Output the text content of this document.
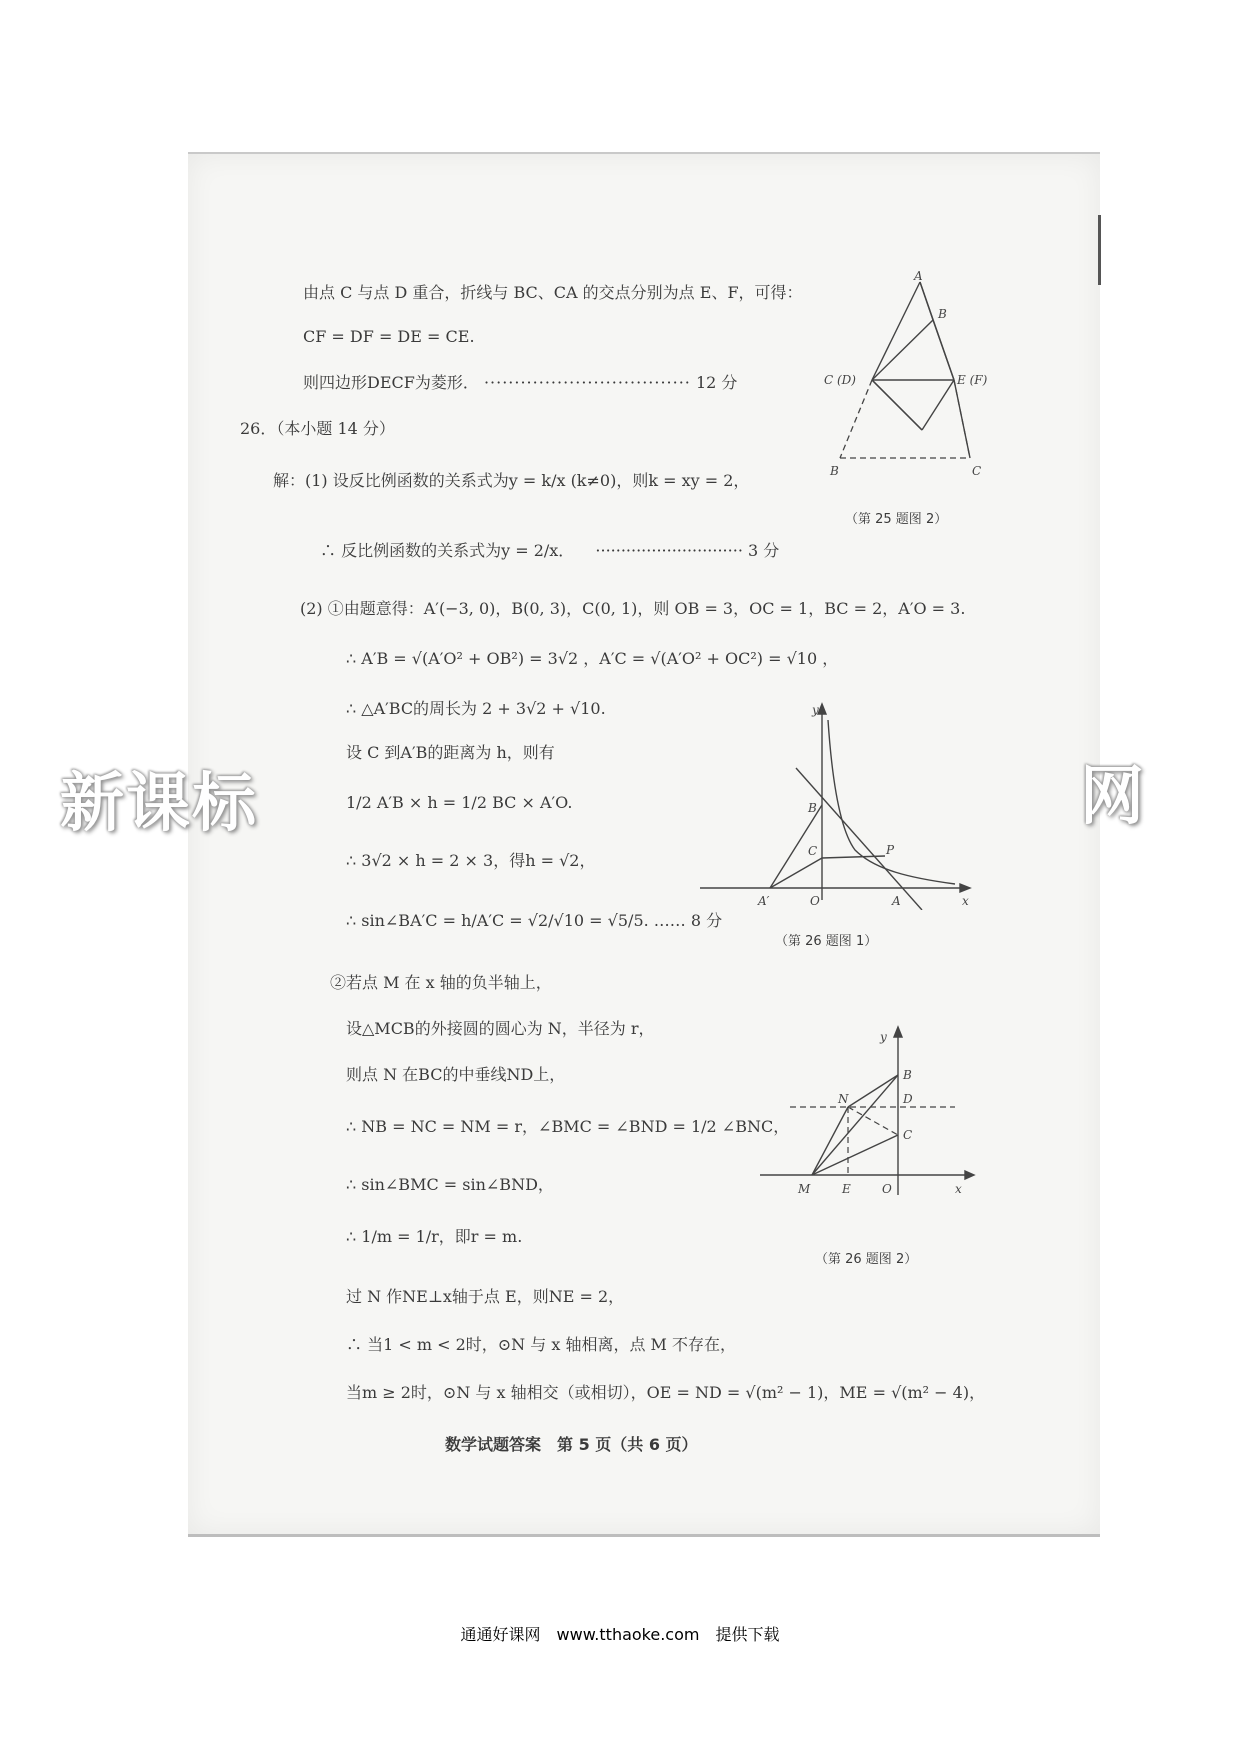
新课标	网
由点 C 与点 D 重合，折线与 BC、CA 的交点分别为点 E、F，可得：
CF = DF = DE = CE.
则四边形DECF为菱形． ·································· 12 分
26．（本小题 14 分）
解：(1) 设反比例函数的关系式为y = k/x (k≠0)，则k = xy = 2，
∴ 反比例函数的关系式为y = 2/x． 　····························· 3 分
(2) ①由题意得：A′(−3, 0)，B(0, 3)，C(0, 1)，则 OB = 3，OC = 1，BC = 2，A′O = 3.
∴ A′B = √(A′O² + OB²) = 3√2 ，A′C = √(A′O² + OC²) = √10 ，
∴ △A′BC的周长为 2 + 3√2 + √10.
设 C 到A′B的距离为 h，则有
1/2 A′B × h = 1/2 BC × A′O.
∴ 3√2 × h = 2 × 3，得h = √2，
∴ sin∠BA′C = h/A′C = √2/√10 = √5/5. …… 8 分
②若点 M 在 x 轴的负半轴上，
设△MCB的外接圆的圆心为 N，半径为 r，
则点 N 在BC的中垂线ND上，
∴ NB = NC = NM = r，∠BMC = ∠BND = 1/2 ∠BNC，
∴ sin∠BMC = sin∠BND，
∴ 1/m = 1/r，即r = m.
过 N 作NE⊥x轴于点 E，则NE = 2，
∴ 当1 < m < 2时，⊙N 与 x 轴相离，点 M 不存在，
当m ≥ 2时，⊙N 与 x 轴相交（或相切），OE = ND = √(m² − 1)，ME = √(m² − 4)，
A
B
C (D)	E (F)
B	C
（第 25 题图 2）
y
B
C	P
A′	O	A	x
（第 26 题图 1）
y
B
N	D
C
M	E	O	x
（第 26 题图 2）
数学试题答案　第 5 页（共 6 页）
通通好课网　www.tthaoke.com　提供下载
